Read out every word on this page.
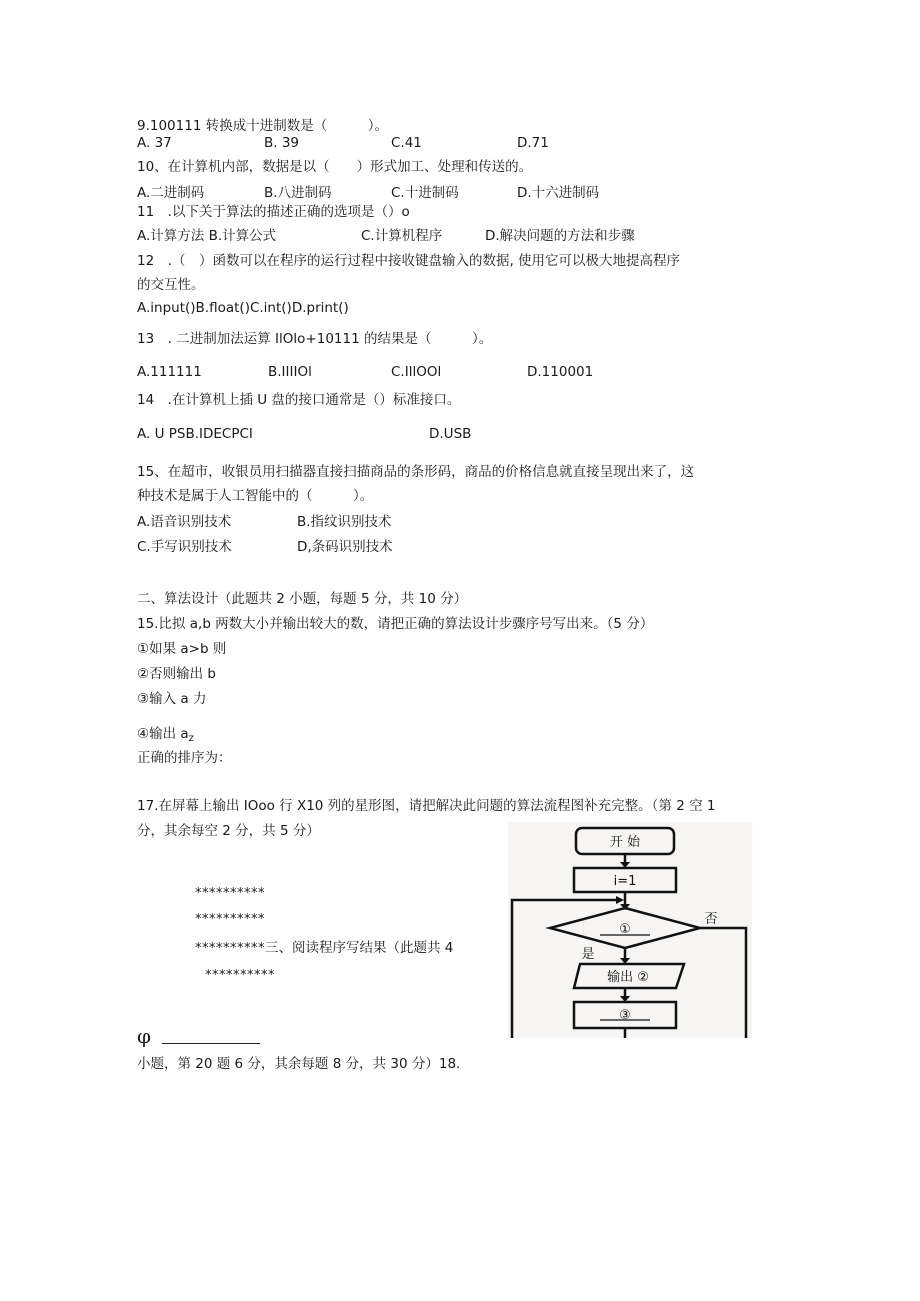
9.100111 转换成十进制数是（　　　）。
A. 37	B. 39	C.41	D.71
10、在计算机内部，数据是以（　　）形式加工、处理和传送的。
A.二进制码	B.八进制码	C.十进制码	D.十六进制码
11　.以下关于算法的描述正确的选项是（）o
A.计算方法 B.计算公式	C.计算机程序	D.解决问题的方法和步骤
12　.（　）函数可以在程序的运行过程中接收键盘输入的数据, 使用它可以极大地提高程序
的交互性。
A.input()B.float()C.int()D.print()
13　. 二进制加法运算 IlOlo+10111 的结果是（　　　）。
A.111111	B.IIIIOl	C.IllOOl	D.110001
14　.在计算机上插 U 盘的接口通常是（）标准接口。
A. U PSB.IDECPCI	D.USB
15、在超市，收银员用扫描器直接扫描商品的条形码，商品的价格信息就直接呈现出来了，这
种技术是属于人工智能中的（　　　）。
A.语音识别技术	B.指纹识别技术
C.手写识别技术	D,条码识别技术
二、算法设计（此题共 2 小题，每题 5 分，共 10 分）
15.比拟 a,b 两数大小并输出较大的数，请把正确的算法设计步骤序号写出来。（5 分）
①如果 a>b 则
②否则输出 b
③输入 a 力
④输出 $a_z$
正确的排序为：
17.在屏幕上输出 IOoo 行 X10 列的星形图，请把解决此问题的算法流程图补充完整。（第 2 空 1
分，其余每空 2 分，共 5 分）
**********
**********
**********三、阅读程序写结果（此题共 4
**********
开 始
i=1
①
是
否
输出 ②
③
φ
小题，第 20 题 6 分，其余每题 8 分，共 30 分）18.
